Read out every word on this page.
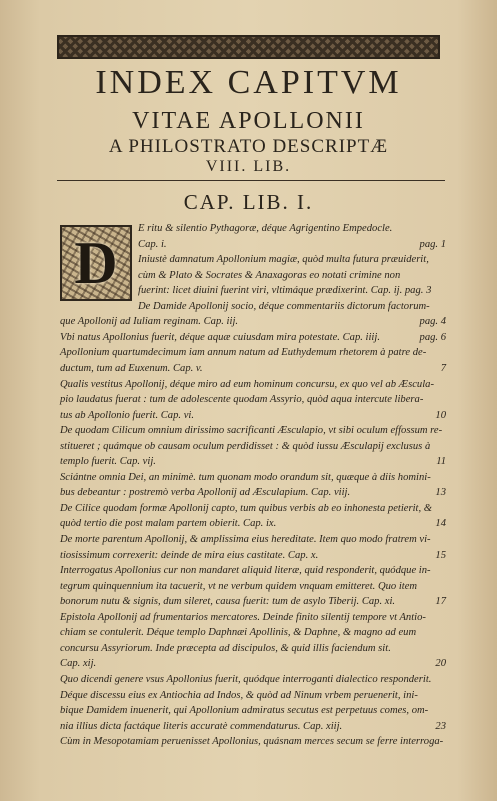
INDEX CAPITVM
VITAE APOLLONII
A PHILOSTRATO DESCRIPTÆ
VIII. LIB.
CAP. LIB. I.
D
E ritu & silentio Pythagoræ, déque Agrigentino Empedocle.
Cap. i.	pag. 1
Iniustè damnatum Apollonium magiæ, quòd multa futura præuiderit,
cùm & Plato & Socrates & Anaxagoras eo notati crimine non
fuerint: licet diuini fuerint viri, vltimáque prædixerint. Cap. ij. pag. 3
De Damide Apollonij socio, déque commentariis dictorum factorum-
que Apollonij ad Iuliam reginam. Cap. iij.	pag. 4
Vbi natus Apollonius fuerit, déque aquæ cuiusdam mira potestate. Cap. iiij.	pag. 6
Apollonium quartumdecimum iam annum natum ad Euthydemum rhetorem à patre de-
ductum, tum ad Euxenum. Cap. v.	7
Qualis vestitus Apollonij, déque miro ad eum hominum concursu, ex quo vel ab Æscula-
pio laudatus fuerat : tum de adolescente quodam Assyrio, quòd aqua intercute libera-
tus ab Apollonio fuerit. Cap. vi.	10
De quodam Cilicum omnium dirissimo sacrificanti Æsculapio, vt sibi oculum effossum re-
stitueret ; quámque ob causam oculum perdidisset : & quòd iussu Æsculapij exclusus à
templo fuerit. Cap. vij.	11
Sciántne omnia Dei, an minimè. tum quonam modo orandum sit, quæque à diis homini-
bus debeantur : postremò verba Apollonij ad Æsculapium. Cap. viij.	13
De Cilice quodam formæ Apollonij capto, tum quibus verbis ab eo inhonesta petierit, &
quòd tertio die post malam partem obierit. Cap. ix.	14
De morte parentum Apollonij, & amplissima eius hereditate. Item quo modo fratrem vi-
tiosissimum correxerit: deinde de mira eius castitate. Cap. x.	15
Interrogatus Apollonius cur non mandaret aliquid literæ, quid responderit, quódque in-
tegrum quinquennium ita tacuerit, vt ne verbum quidem vnquam emitteret. Quo item
bonorum nutu & signis, dum sileret, causa fuerit: tum de asylo Tiberij. Cap. xi.	17
Epistola Apollonij ad frumentarios mercatores. Deinde finito silentij tempore vt Antio-
chiam se contulerit. Déque templo Daphnæi Apollinis, & Daphne, & magno ad eum
concursu Assyriorum. Inde præcepta ad discipulos, & quid illis faciendum sit.
Cap. xij.	20
Quo dicendi genere vsus Apollonius fuerit, quódque interroganti dialectico responderit.
Déque discessu eius ex Antiochia ad Indos, & quòd ad Ninum vrbem peruenerit, ini-
bique Damidem inuenerit, qui Apollonium admiratus secutus est perpetuus comes, om-
nia illius dicta factáque literis accuratè commendaturus. Cap. xiij.	23
Cùm in Mesopotamiam peruenisset Apollonius, quásnam merces secum se ferre interroga-
